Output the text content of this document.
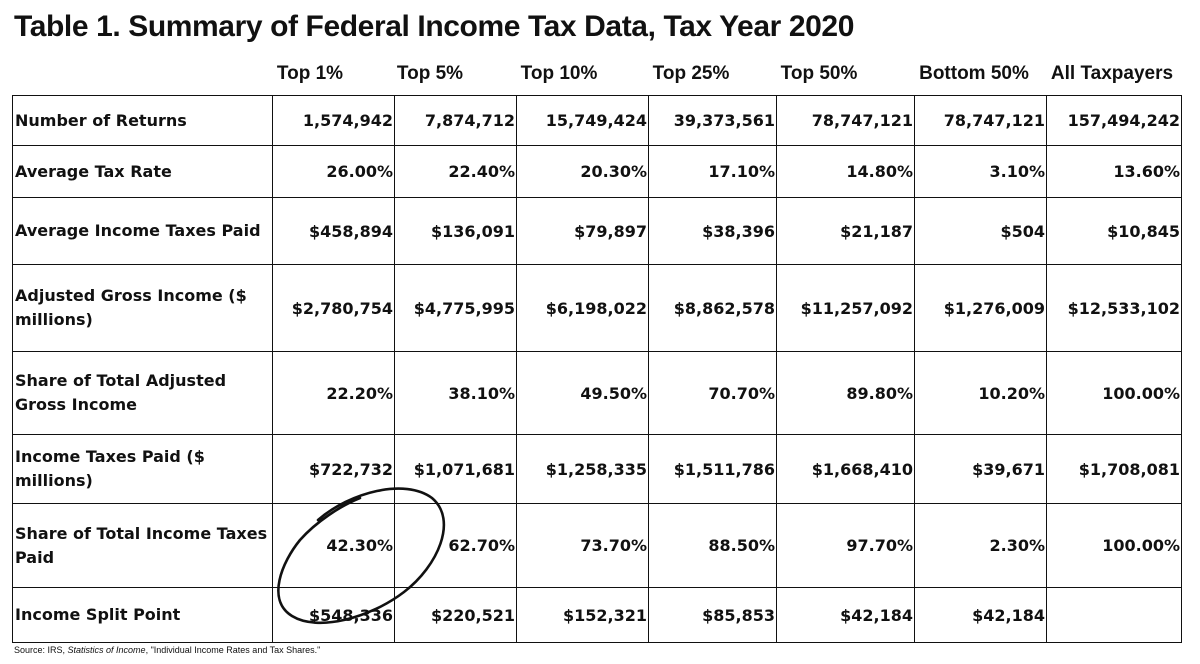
Table 1. Summary of Federal Income Tax Data, Tax Year 2020
Top 1%	Top 5%	Top 10%	Top 25%	Top 50%	Bottom 50%	All Taxpayers
Number of Returns	1,574,942	7,874,712	15,749,424	39,373,561	78,747,121	78,747,121	157,494,242
Average Tax Rate	26.00%	22.40%	20.30%	17.10%	14.80%	3.10%	13.60%
Average Income Taxes Paid	$458,894	$136,091	$79,897	$38,396	$21,187	$504	$10,845
Adjusted Gross Income ($ millions)	$2,780,754	$4,775,995	$6,198,022	$8,862,578	$11,257,092	$1,276,009	$12,533,102
Share of Total Adjusted Gross Income	22.20%	38.10%	49.50%	70.70%	89.80%	10.20%	100.00%
Income Taxes Paid ($ millions)	$722,732	$1,071,681	$1,258,335	$1,511,786	$1,668,410	$39,671	$1,708,081
Share of Total Income Taxes Paid	42.30%	62.70%	73.70%	88.50%	97.70%	2.30%	100.00%
Income Split Point	$548,336	$220,521	$152,321	$85,853	$42,184	$42,184	
Source: IRS, Statistics of Income, "Individual Income Rates and Tax Shares."
